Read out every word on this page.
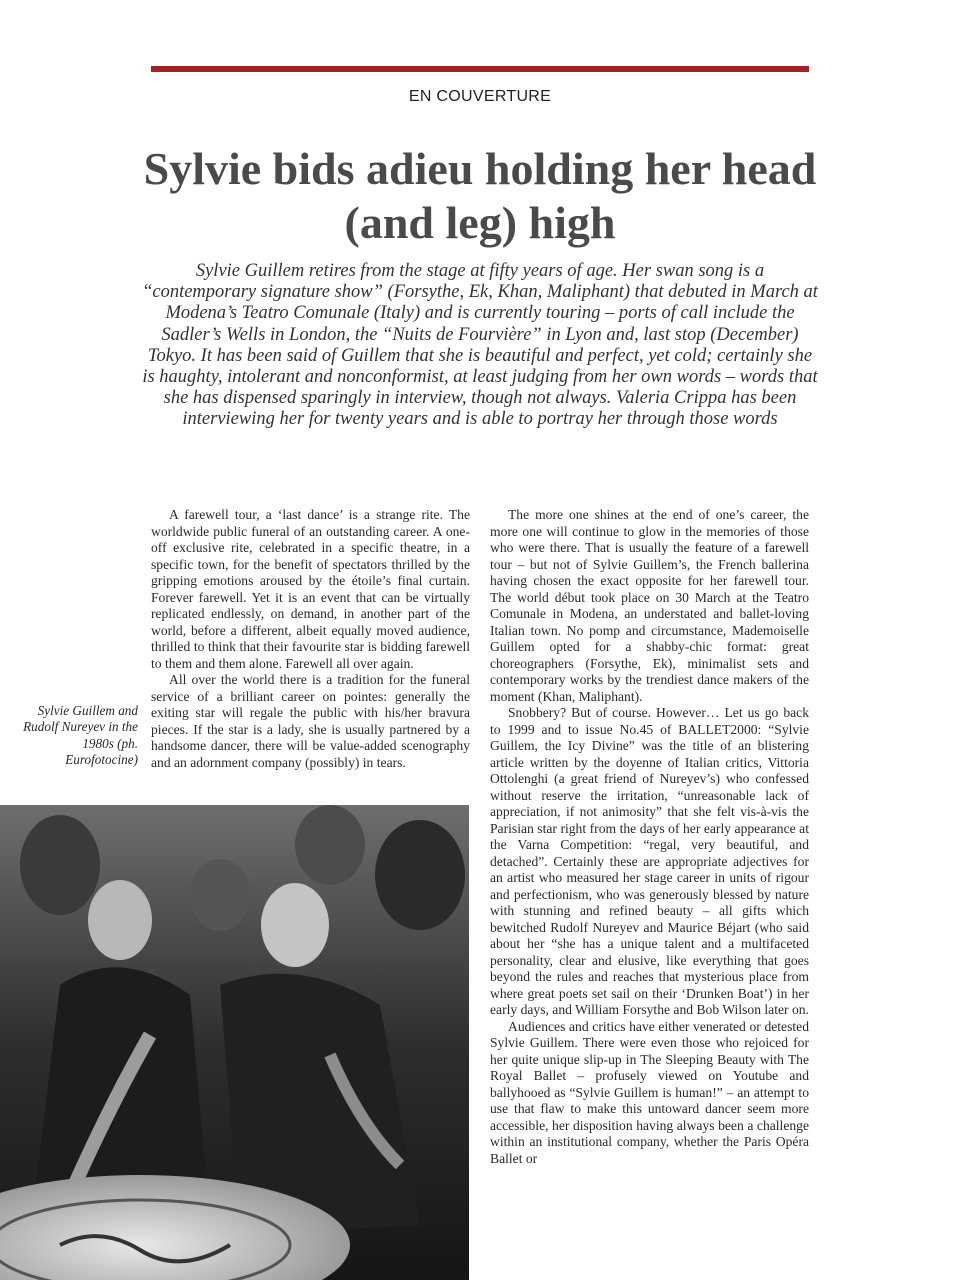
EN COUVERTURE
Sylvie bids adieu holding her head (and leg) high

Sylvie Guillem retires from the stage at fifty years of age. Her swan song is a “contemporary signature show” (Forsythe, Ek, Khan, Maliphant) that debuted in March at Modena’s Teatro Comunale (Italy) and is currently touring – ports of call include the Sadler’s Wells in London, the “Nuits de Fourvière” in Lyon and, last stop (December) Tokyo. It has been said of Guillem that she is beautiful and perfect, yet cold; certainly she is haughty, intolerant and nonconformist, at least judging from her own words – words that she has dispensed sparingly in interview, though not always. Valeria Crippa has been interviewing her for twenty years and is able to portray her through those words

A farewell tour, a ‘last dance’ is a strange rite. The worldwide public funeral of an outstanding career. A one-off exclusive rite, celebrated in a specific theatre, in a specific town, for the benefit of spectators thrilled by the gripping emotions aroused by the étoile’s final curtain. Forever farewell. Yet it is an event that can be virtually replicated endlessly, on demand, in another part of the world, before a different, albeit equally moved audience, thrilled to think that their favourite star is bidding farewell to them and them alone. Farewell all over again.

All over the world there is a tradition for the funeral service of a brilliant career on pointes: generally the exiting star will regale the public with his/her bravura pieces. If the star is a lady, she is usually partnered by a handsome dancer, there will be value-added scenography and an adornment company (possibly) in tears.

The more one shines at the end of one’s career, the more one will continue to glow in the memories of those who were there. That is usually the feature of a farewell tour – but not of Sylvie Guillem’s, the French ballerina having chosen the exact opposite for her farewell tour. The world début took place on 30 March at the Teatro Comunale in Modena, an understated and ballet-loving Italian town. No pomp and circumstance, Mademoiselle Guillem opted for a shabby-chic format: great choreographers (Forsythe, Ek), minimalist sets and contemporary works by the trendiest dance makers of the moment (Khan, Maliphant).

Snobbery? But of course. However… Let us go back to 1999 and to issue No.45 of BALLET2000: “Sylvie Guillem, the Icy Divine” was the title of an blistering article written by the doyenne of Italian critics, Vittoria Ottolenghi (a great friend of Nureyev’s) who confessed without reserve the irritation, “unreasonable lack of appreciation, if not animosity” that she felt vis-à-vis the Parisian star right from the days of her early appearance at the Varna Competition: “regal, very beautiful, and detached”. Certainly these are appropriate adjectives for an artist who measured her stage career in units of rigour and perfectionism, who was generously blessed by nature with stunning and refined beauty – all gifts which bewitched Rudolf Nureyev and Maurice Béjart (who said about her “she has a unique talent and a multifaceted personality, clear and elusive, like everything that goes beyond the rules and reaches that mysterious place from where great poets set sail on their ‘Drunken Boat’) in her early days, and William Forsythe and Bob Wilson later on.

Audiences and critics have either venerated or detested Sylvie Guillem. There were even those who rejoiced for her quite unique slip-up in The Sleeping Beauty with The Royal Ballet – profusely viewed on Youtube and ballyhooed as “Sylvie Guillem is human!” – an attempt to use that flaw to make this untoward dancer seem more accessible, her disposition having always been a challenge within an institutional company, whether the Paris Opéra Ballet or

Sylvie Guillem and Rudolf Nureyev in the 1980s (ph. Eurofotocine)
